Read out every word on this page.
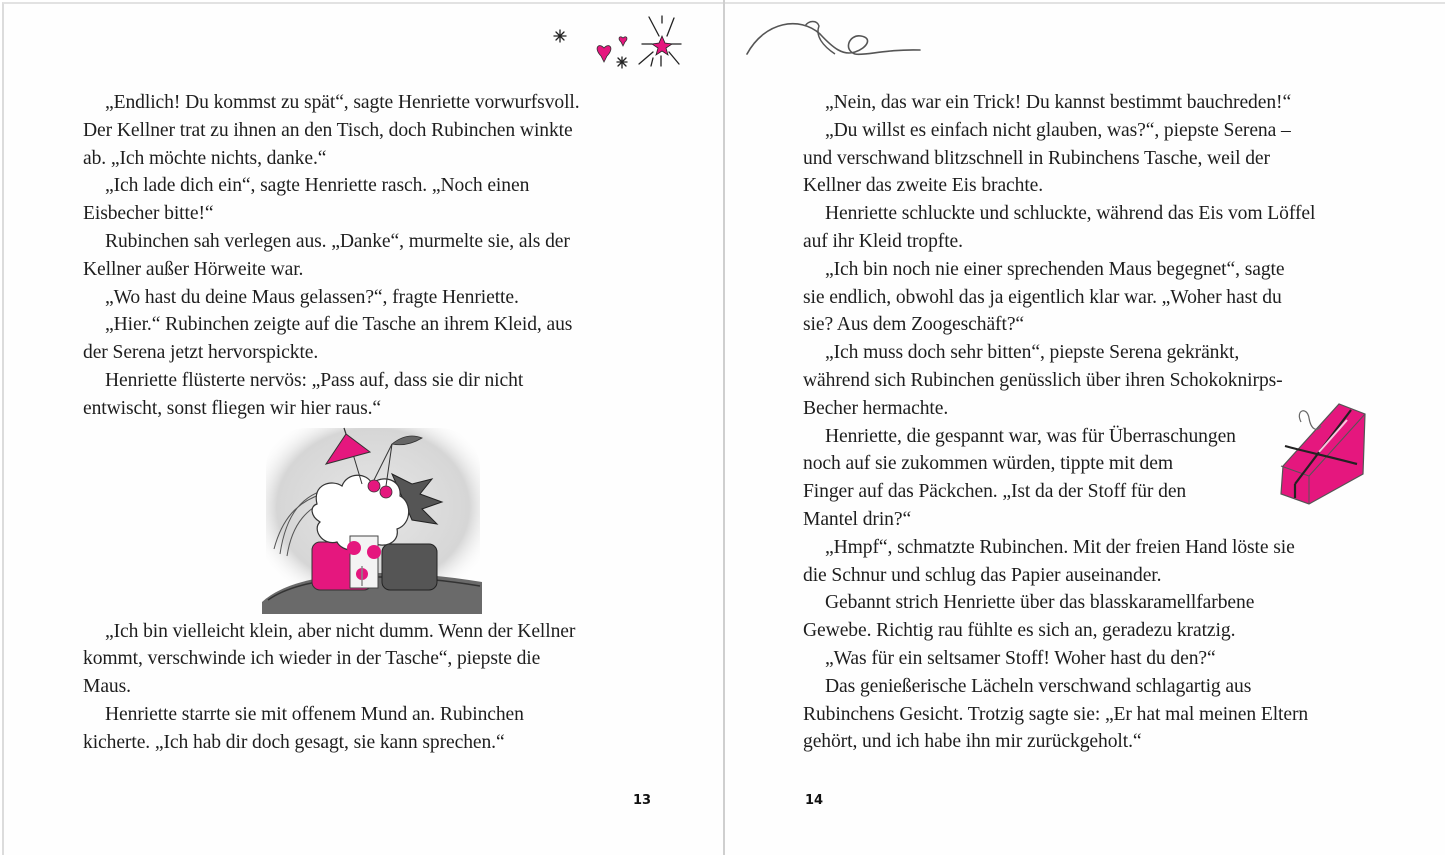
„Endlich! Du kommst zu spät“, sagte Henriette vorwurfsvoll.
Der Kellner trat zu ihnen an den Tisch, doch Rubinchen winkte
ab. „Ich möchte nichts, danke.“
„Ich lade dich ein“, sagte Henriette rasch. „Noch einen
Eisbecher bitte!“
Rubinchen sah verlegen aus. „Danke“, murmelte sie, als der
Kellner außer Hörweite war.
„Wo hast du deine Maus gelassen?“, fragte Henriette.
„Hier.“ Rubinchen zeigte auf die Tasche an ihrem Kleid, aus
der Serena jetzt hervorspickte.
Henriette flüsterte nervös: „Pass auf, dass sie dir nicht
entwischt, sonst fliegen wir hier raus.“
„Ich bin vielleicht klein, aber nicht dumm. Wenn der Kellner
kommt, verschwinde ich wieder in der Tasche“, piepste die
Maus.
Henriette starrte sie mit offenem Mund an. Rubinchen
kicherte. „Ich hab dir doch gesagt, sie kann sprechen.“
13
„Nein, das war ein Trick! Du kannst bestimmt bauchreden!“
„Du willst es einfach nicht glauben, was?“, piepste Serena –
und verschwand blitzschnell in Rubinchens Tasche, weil der
Kellner das zweite Eis brachte.
Henriette schluckte und schluckte, während das Eis vom Löffel
auf ihr Kleid tropfte.
„Ich bin noch nie einer sprechenden Maus begegnet“, sagte
sie endlich, obwohl das ja eigentlich klar war. „Woher hast du
sie? Aus dem Zoogeschäft?“
„Ich muss doch sehr bitten“, piepste Serena gekränkt,
während sich Rubinchen genüsslich über ihren Schokoknirps-
Becher hermachte.
Henriette, die gespannt war, was für Überraschungen
noch auf sie zukommen würden, tippte mit dem
Finger auf das Päckchen. „Ist da der Stoff für den
Mantel drin?“
„Hmpf“, schmatzte Rubinchen. Mit der freien Hand löste sie
die Schnur und schlug das Papier auseinander.
Gebannt strich Henriette über das blasskaramellfarbene
Gewebe. Richtig rau fühlte es sich an, geradezu kratzig.
„Was für ein seltsamer Stoff! Woher hast du den?“
Das genießerische Lächeln verschwand schlagartig aus
Rubinchens Gesicht. Trotzig sagte sie: „Er hat mal meinen Eltern
gehört, und ich habe ihn mir zurückgeholt.“
14
